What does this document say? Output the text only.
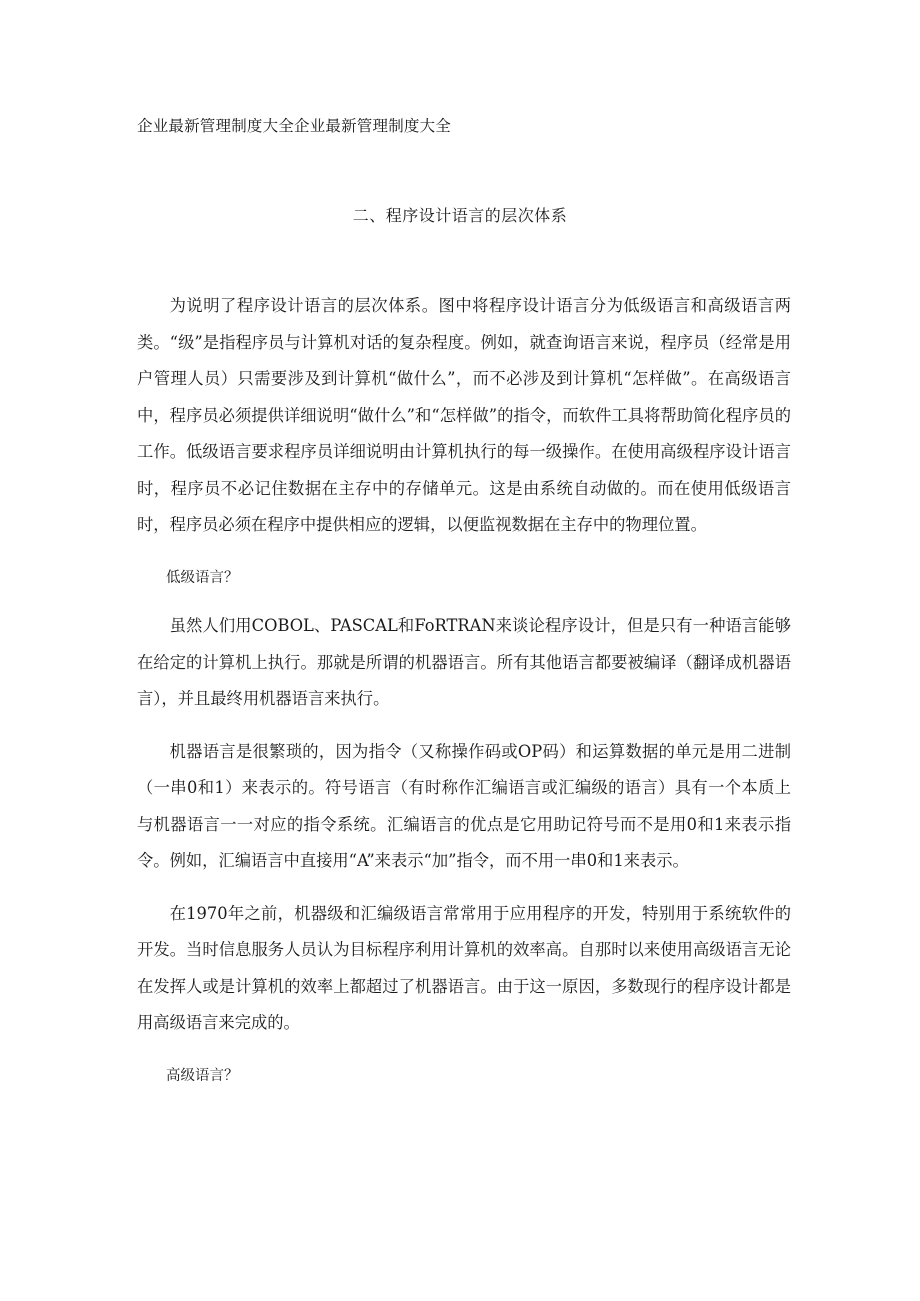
企业最新管理制度大全企业最新管理制度大全
二、程序设计语言的层次体系

为说明了程序设计语言的层次体系。图中将程序设计语言分为低级语言和高级语言两类。“级”是指程序员与计算机对话的复杂程度。例如，就查询语言来说，程序员（经常是用户管理人员）只需要涉及到计算机“做什么”，而不必涉及到计算机“怎样做”。在高级语言中，程序员必须提供详细说明“做什么”和“怎样做”的指令，而软件工具将帮助简化程序员的工作。低级语言要求程序员详细说明由计算机执行的每一级操作。在使用高级程序设计语言时，程序员不必记住数据在主存中的存储单元。这是由系统自动做的。而在使用低级语言时，程序员必须在程序中提供相应的逻辑，以便监视数据在主存中的物理位置。

低级语言？

虽然人们用COBOL、PASCAL和FoRTRAN来谈论程序设计，但是只有一种语言能够在给定的计算机上执行。那就是所谓的机器语言。所有其他语言都要被编译（翻译成机器语言），并且最终用机器语言来执行。

机器语言是很繁琐的，因为指令（又称操作码或OP码）和运算数据的单元是用二进制（一串0和1）来表示的。符号语言（有时称作汇编语言或汇编级的语言）具有一个本质上与机器语言一一对应的指令系统。汇编语言的优点是它用助记符号而不是用0和1来表示指令。例如，汇编语言中直接用“A”来表示“加”指令，而不用一串0和1来表示。

在1970年之前，机器级和汇编级语言常常用于应用程序的开发，特别用于系统软件的开发。当时信息服务人员认为目标程序利用计算机的效率高。自那时以来使用高级语言无论在发挥人或是计算机的效率上都超过了机器语言。由于这一原因，多数现行的程序设计都是用高级语言来完成的。

高级语言？
